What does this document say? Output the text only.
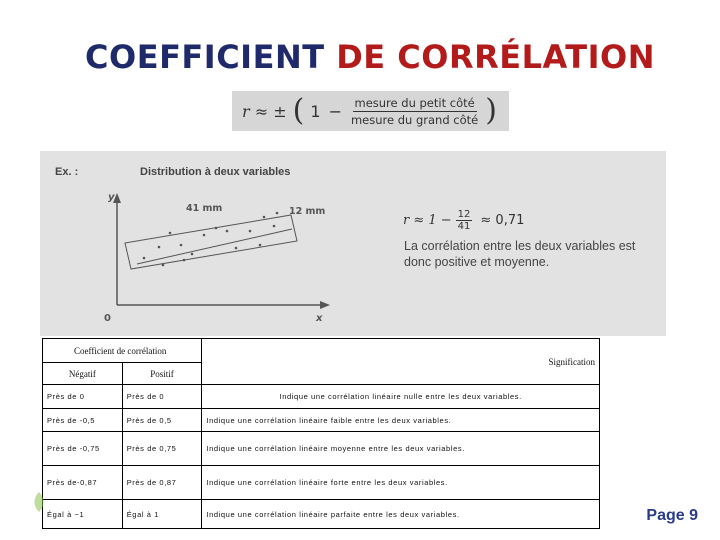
COEFFICIENT DE CORRÉLATION
r ≈ ± ( $1 - \frac{\text{mesure du petit côté}}{\text{mesure du grand côté}}$ )
Ex. :	Distribution à deux variables
y
x
0
41 mm	12 mm
$r \approx 1 - \frac{12}{41} \approx 0,71$
La corrélation entre les deux variables est donc positive et moyenne.
Coefficient de corrélation		Signification
Négatif	Positif	
Près de 0	Près de 0	Indique une corrélation linéaire nulle entre les deux variables.
Près de -0,5	Près de 0,5	Indique une corrélation linéaire faible entre les deux variables.
Près de -0,75	Près de 0,75	Indique une corrélation linéaire moyenne entre les deux variables.
Près de-0,87	Près de 0,87	Indique une corrélation linéaire forte entre les deux variables.
Égal à −1	Égal à 1	Indique une corrélation linéaire parfaite entre les deux variables.	Page 9
